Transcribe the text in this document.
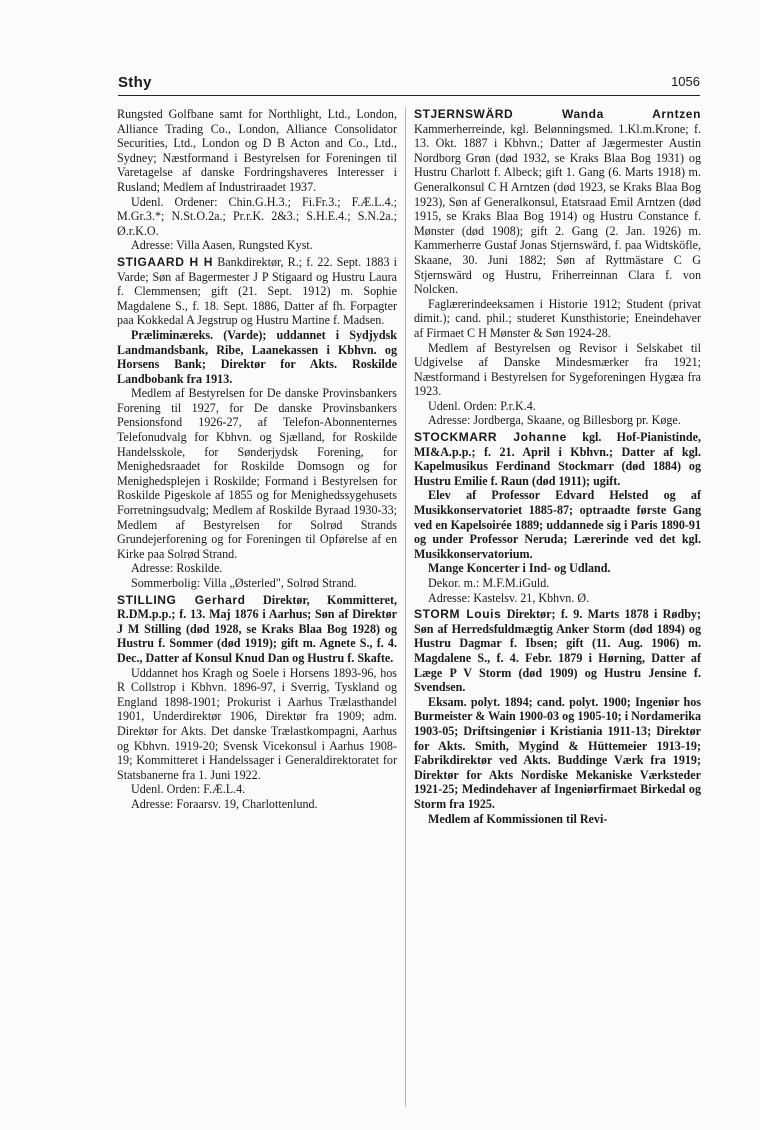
Sthy	1056

Rungsted Golfbane samt for Northlight, Ltd., London, Alliance Trading Co., London, Alliance Consolidator Securities, Ltd., London og D B Acton and Co., Ltd., Sydney; Næstformand i Bestyrelsen for Foreningen til Varetagelse af danske Fordringshaveres Interesser i Rusland; Medlem af Industriraadet 1937.

Udenl. Ordener: Chin.G.H.3.; Fi.Fr.3.; F.Æ.L.4.; M.Gr.3.*; N.St.O.2a.; Pr.r.K. 2&3.; S.H.E.4.; S.N.2a.; Ø.r.K.O.

Adresse: Villa Aasen, Rungsted Kyst.

STIGAARD H H Bankdirektør, R.; f. 22. Sept. 1883 i Varde; Søn af Bagermester J P Stigaard og Hustru Laura f. Clemmensen; gift (21. Sept. 1912) m. Sophie Magdalene S., f. 18. Sept. 1886, Datter af fh. Forpagter paa Kokkedal A Jegstrup og Hustru Martine f. Madsen.

Præliminæreks. (Varde); uddannet i Sydjydsk Landmandsbank, Ribe, Laanekassen i Kbhvn. og Horsens Bank; Direktør for Akts. Roskilde Landbobank fra 1913.

Medlem af Bestyrelsen for De danske Provinsbankers Forening til 1927, for De danske Provinsbankers Pensionsfond 1926-27, af Telefon-Abonnenternes Telefonudvalg for Kbhvn. og Sjælland, for Roskilde Handelsskole, for Sønderjydsk Forening, for Menighedsraadet for Roskilde Domsogn og for Menighedsplejen i Roskilde; Formand i Bestyrelsen for Roskilde Pigeskole af 1855 og for Menighedssygehusets Forretningsudvalg; Medlem af Roskilde Byraad 1930-33; Medlem af Bestyrelsen for Solrød Strands Grundejerforening og for Foreningen til Opførelse af en Kirke paa Solrød Strand.

Adresse: Roskilde.

Sommerbolig: Villa „Østerled", Solrød Strand.

STILLING Gerhard Direktør, Kommitteret, R.DM.p.p.; f. 13. Maj 1876 i Aarhus; Søn af Direktør J M Stilling (død 1928, se Kraks Blaa Bog 1928) og Hustru f. Sommer (død 1919); gift m. Agnete S., f. 4. Dec., Datter af Konsul Knud Dan og Hustru f. Skafte.

Uddannet hos Kragh og Soele i Horsens 1893-96, hos R Collstrop i Kbhvn. 1896-97, i Sverrig, Tyskland og England 1898-1901; Prokurist i Aarhus Trælasthandel 1901, Underdirektør 1906, Direktør fra 1909; adm. Direktør for Akts. Det danske Trælastkompagni, Aarhus og Kbhvn. 1919-20; Svensk Vicekonsul i Aarhus 1908-19; Kommitteret i Handelssager i Generaldirektoratet for Statsbanerne fra 1. Juni 1922.

Udenl. Orden: F.Æ.L.4.

Adresse: Foraarsv. 19, Charlottenlund.

STJERNSWÄRD Wanda Arntzen Kammerherreinde, kgl. Belønningsmed. 1.Kl.m.Krone; f. 13. Okt. 1887 i Kbhvn.; Datter af Jægermester Austin Nordborg Grøn (død 1932, se Kraks Blaa Bog 1931) og Hustru Charlott f. Albeck; gift 1. Gang (6. Marts 1918) m. Generalkonsul C H Arntzen (død 1923, se Kraks Blaa Bog 1923), Søn af Generalkonsul, Etatsraad Emil Arntzen (død 1915, se Kraks Blaa Bog 1914) og Hustru Constance f. Mønster (død 1908); gift 2. Gang (2. Jan. 1926) m. Kammerherre Gustaf Jonas Stjernswärd, f. paa Widtsköfle, Skaane, 30. Juni 1882; Søn af Ryttmästare C G Stjernswärd og Hustru, Friherreinnan Clara f. von Nolcken.

Faglærerindeeksamen i Historie 1912; Student (privat dimit.); cand. phil.; studeret Kunsthistorie; Eneindehaver af Firmaet C H Mønster & Søn 1924-28.

Medlem af Bestyrelsen og Revisor i Selskabet til Udgivelse af Danske Mindesmærker fra 1921; Næstformand i Bestyrelsen for Sygeforeningen Hygæa fra 1923.

Udenl. Orden: P.r.K.4.

Adresse: Jordberga, Skaane, og Billesborg pr. Køge.

STOCKMARR Johanne kgl. Hof-Pianistinde, MI&A.p.p.; f. 21. April i Kbhvn.; Datter af kgl. Kapelmusikus Ferdinand Stockmarr (død 1884) og Hustru Emilie f. Raun (død 1911); ugift.

Elev af Professor Edvard Helsted og af Musikkonservatoriet 1885-87; optraadte første Gang ved en Kapelsoirée 1889; uddannede sig i Paris 1890-91 og under Professor Neruda; Lærerinde ved det kgl. Musikkonservatorium.

Mange Koncerter i Ind- og Udland.

Dekor. m.: M.F.M.iGuld.

Adresse: Kastelsv. 21, Kbhvn. Ø.

STORM Louis Direktør; f. 9. Marts 1878 i Rødby; Søn af Herredsfuldmægtig Anker Storm (død 1894) og Hustru Dagmar f. Ibsen; gift (11. Aug. 1906) m. Magdalene S., f. 4. Febr. 1879 i Hørning, Datter af Læge P V Storm (død 1909) og Hustru Jensine f. Svendsen.

Eksam. polyt. 1894; cand. polyt. 1900; Ingeniør hos Burmeister & Wain 1900-03 og 1905-10; i Nordamerika 1903-05; Driftsingeniør i Kristiania 1911-13; Direktør for Akts. Smith, Mygind & Hüttemeier 1913-19; Fabrikdirektør ved Akts. Buddinge Værk fra 1919; Direktør for Akts Nordiske Mekaniske Værksteder 1921-25; Medindehaver af Ingeniørfirmaet Birkedal og Storm fra 1925.

Medlem af Kommissionen til Revi-
